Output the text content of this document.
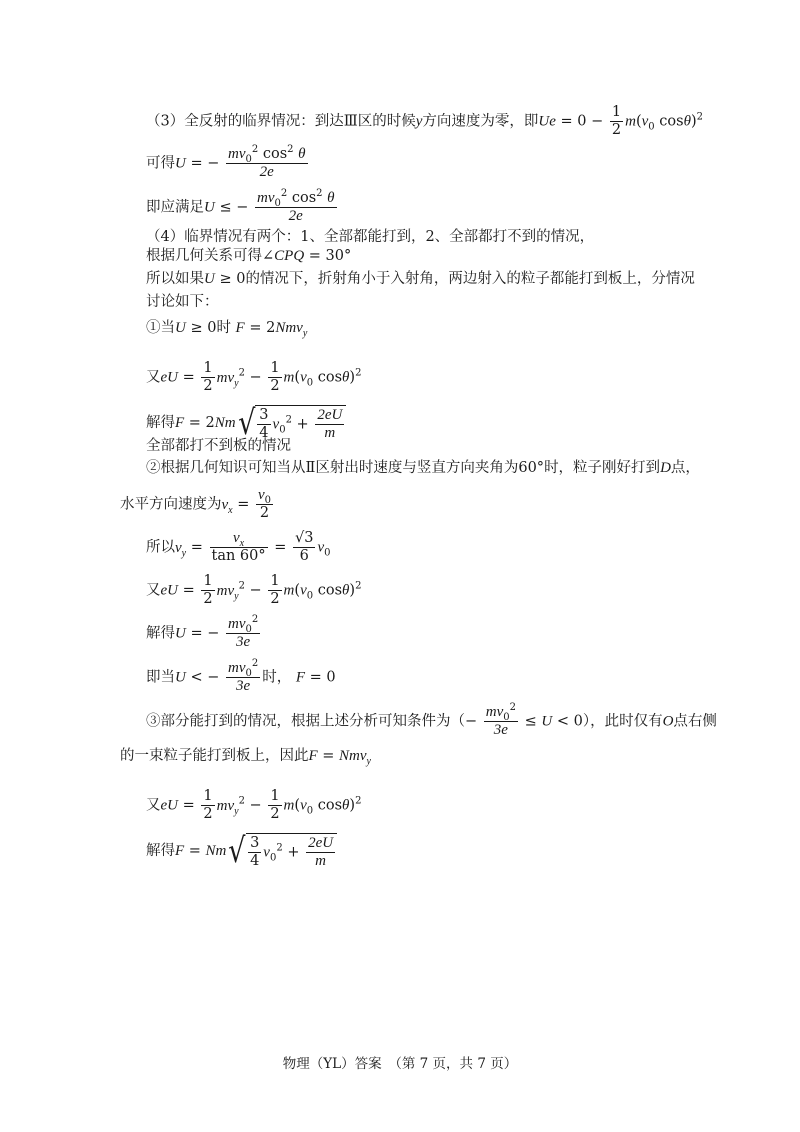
（3）全反射的临界情况：到达Ⅲ区的时候y方向速度为零，即$Ue = 0 - \frac{1}{2} m(v_0$ cosθ)$^2$
可得U = − $\frac{mv_0^2 \cos^2 \theta}{2e}$
即应满足U ≤ − $\frac{mv_0^2 \cos^2 \theta}{2e}$
（4）临界情况有两个：1、全部都能打到，2、全部都打不到的情况，
根据几何关系可得∠CPQ = 30°
所以如果U ≥ 0的情况下，折射角小于入射角，两边射入的粒子都能打到板上，分情况
讨论如下：
①当U ≥ 0时 F = 2Nmv$_y$
又eU = $\frac{1}{2} mv_y^2 - \frac{1}{2} m(v_0$ cosθ)$^2$
解得$F = 2Nm√ \frac{3}{4} v_0^2 + \frac{2eU}{m}$
全部都打不到板的情况
②根据几何知识可知当从Ⅱ区射出时速度与竖直方向夹角为60°时，粒子刚好打到D点，
水平方向速度为$v_x = \frac{v_0}{2}$
所以$v_y = \frac{v_x}{\tan 60^\circ} = \frac{√3}{6} v_0$
又eU = $\frac{1}{2} mv_y^2 - \frac{1}{2} m(v_0$ cosθ)$^2$
解得U = − $\frac{mv_0^2}{3e}$
即当U < − $\frac{mv_0^2}{3e}$ 时， F = 0
③部分能打到的情况，根据上述分析可知条件为（− $\frac{mv_0^2}{3e} \le U < 0$），此时仅有O点右侧
的一束粒子能打到板上，因此F = Nmv$_y$
又eU = $\frac{1}{2} mv_y^2 - \frac{1}{2} m(v_0$ cosθ)$^2$
解得$F = Nm√ \frac{3}{4} v_0^2 + \frac{2eU}{m}$
物理（YL）答案　（第 7 页，共 7 页）
